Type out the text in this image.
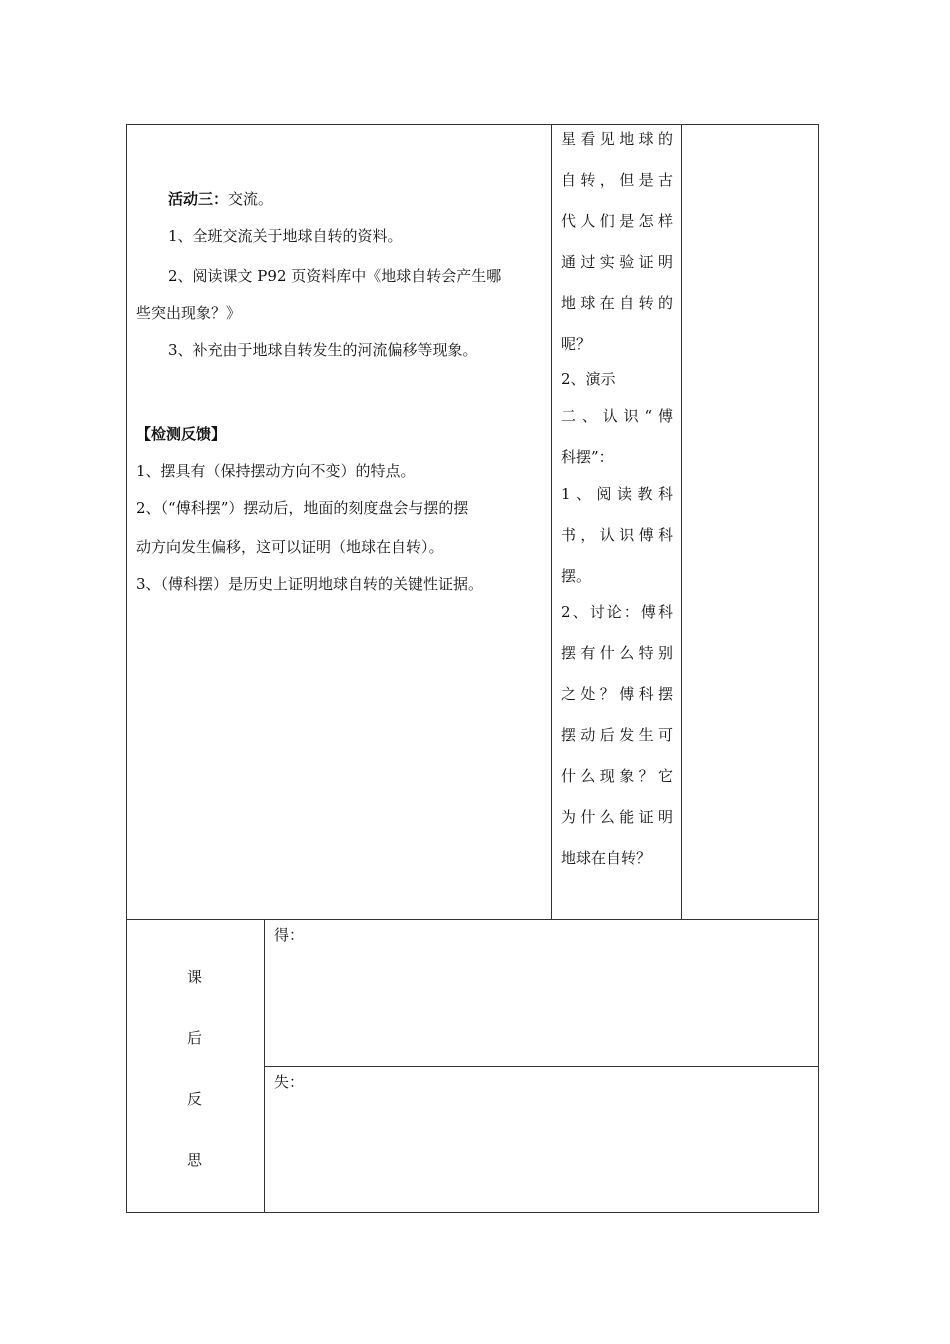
活动三：交流。
1、全班交流关于地球自转的资料。
2、阅读课文 P92 页资料库中《地球自转会产生哪
些突出现象？》
3、补充由于地球自转发生的河流偏移等现象。
【检测反馈】
1、摆具有（保持摆动方向不变）的特点。
2、（“傅科摆”）摆动后，地面的刻度盘会与摆的摆
动方向发生偏移，这可以证明（地球在自转）。
3、（傅科摆）是历史上证明地球自转的关键性证据。
星看见地球的
自转，但是古
代人们是怎样
通过实验证明
地球在自转的
呢？
2、演示
二、认识“傅
科摆”：
1、阅读教科
书，认识傅科
摆。
2、讨论：傅科
摆有什么特别
之处？傅科摆
摆动后发生可
什么现象？它
为什么能证明
地球在自转？
课
后
反
思
得：
失：
